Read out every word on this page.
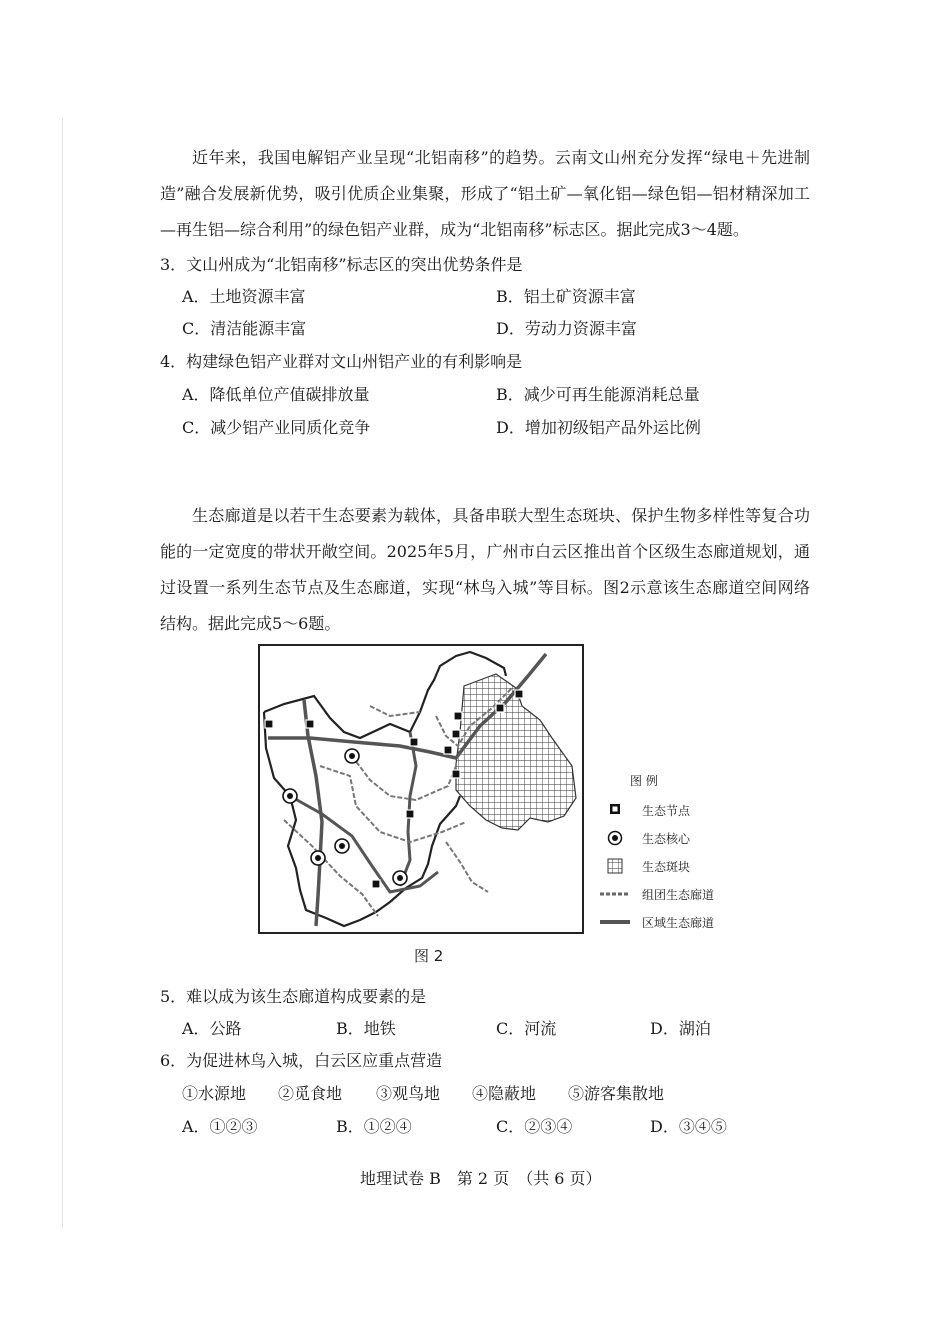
近年来，我国电解铝产业呈现“北铝南移”的趋势。云南文山州充分发挥“绿电＋先进制造”融合发展新优势，吸引优质企业集聚，形成了“铝土矿—氧化铝—绿色铝—铝材精深加工—再生铝—综合利用”的绿色铝产业群，成为“北铝南移”标志区。据此完成3～4题。

3．文山州成为“北铝南移”标志区的突出优势条件是
A．土地资源丰富	B．铝土矿资源丰富
C．清洁能源丰富	D．劳动力资源丰富
4．构建绿色铝产业群对文山州铝产业的有利影响是
A．降低单位产值碳排放量	B．减少可再生能源消耗总量
C．减少铝产业同质化竞争	D．增加初级铝产品外运比例

生态廊道是以若干生态要素为载体，具备串联大型生态斑块、保护生物多样性等复合功能的一定宽度的带状开敞空间。2025年5月，广州市白云区推出首个区级生态廊道规划，通过设置一系列生态节点及生态廊道，实现“林鸟入城”等目标。图2示意该生态廊道空间网络结构。据此完成5～6题。

图 例
生态节点
生态核心
生态斑块
组团生态廊道
区域生态廊道
图 2
5．难以成为该生态廊道构成要素的是
A．公路	B．地铁	C．河流	D．湖泊
6．为促进林鸟入城，白云区应重点营造
①水源地 ②觅食地 ③观鸟地 ④隐蔽地 ⑤游客集散地
A．①②③	B．①②④	C．②③④	D．③④⑤
地理试卷 B　第 2 页　（共 6 页）
